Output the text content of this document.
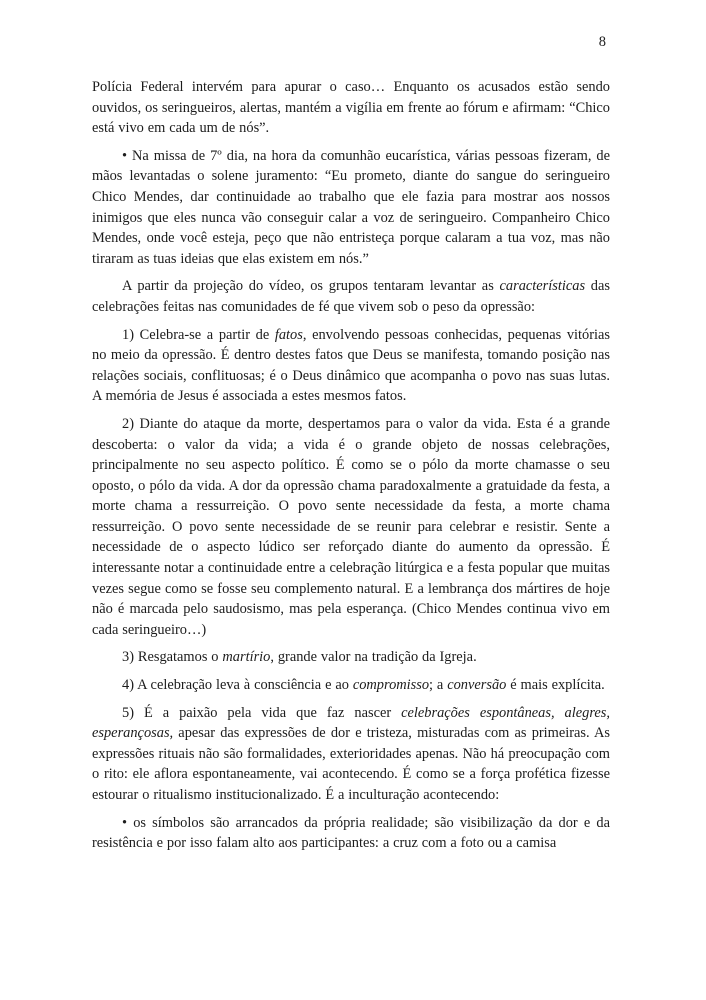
8

Polícia Federal intervém para apurar o caso… Enquanto os acusados estão sendo ouvidos, os seringueiros, alertas, mantém a vigília em frente ao fórum e afirmam: “Chico está vivo em cada um de nós”.

• Na missa de 7º dia, na hora da comunhão eucarística, várias pessoas fizeram, de mãos levantadas o solene juramento: “Eu prometo, diante do sangue do seringueiro Chico Mendes, dar continuidade ao trabalho que ele fazia para mostrar aos nossos inimigos que eles nunca vão conseguir calar a voz de seringueiro. Companheiro Chico Mendes, onde você esteja, peço que não entristeça porque calaram a tua voz, mas não tiraram as tuas ideias que elas existem em nós.”

A partir da projeção do vídeo, os grupos tentaram levantar as características das celebrações feitas nas comunidades de fé que vivem sob o peso da opressão:

1) Celebra-se a partir de fatos, envolvendo pessoas conhecidas, pequenas vitórias no meio da opressão. É dentro destes fatos que Deus se manifesta, tomando posição nas relações sociais, conflituosas; é o Deus dinâmico que acompanha o povo nas suas lutas. A memória de Jesus é associada a estes mesmos fatos.

2) Diante do ataque da morte, despertamos para o valor da vida. Esta é a grande descoberta: o valor da vida; a vida é o grande objeto de nossas celebrações, principalmente no seu aspecto político. É como se o pólo da morte chamasse o seu oposto, o pólo da vida. A dor da opressão chama paradoxalmente a gratuidade da festa, a morte chama a ressurreição. O povo sente necessidade da festa, a morte chama ressurreição. O povo sente necessidade de se reunir para celebrar e resistir. Sente a necessidade de o aspecto lúdico ser reforçado diante do aumento da opressão. É interessante notar a continuidade entre a celebração litúrgica e a festa popular que muitas vezes segue como se fosse seu complemento natural. E a lembrança dos mártires de hoje não é marcada pelo saudosismo, mas pela esperança. (Chico Mendes continua vivo em cada seringueiro…)

3) Resgatamos o martírio, grande valor na tradição da Igreja.

4) A celebração leva à consciência e ao compromisso; a conversão é mais explícita.

5) É a paixão pela vida que faz nascer celebrações espontâneas, alegres, esperançosas, apesar das expressões de dor e tristeza, misturadas com as primeiras. As expressões rituais não são formalidades, exterioridades apenas. Não há preocupação com o rito: ele aflora espontaneamente, vai acontecendo. É como se a força profética fizesse estourar o ritualismo institucionalizado. É a inculturação acontecendo:

• os símbolos são arrancados da própria realidade; são visibilização da dor e da resistência e por isso falam alto aos participantes: a cruz com a foto ou a camisa
